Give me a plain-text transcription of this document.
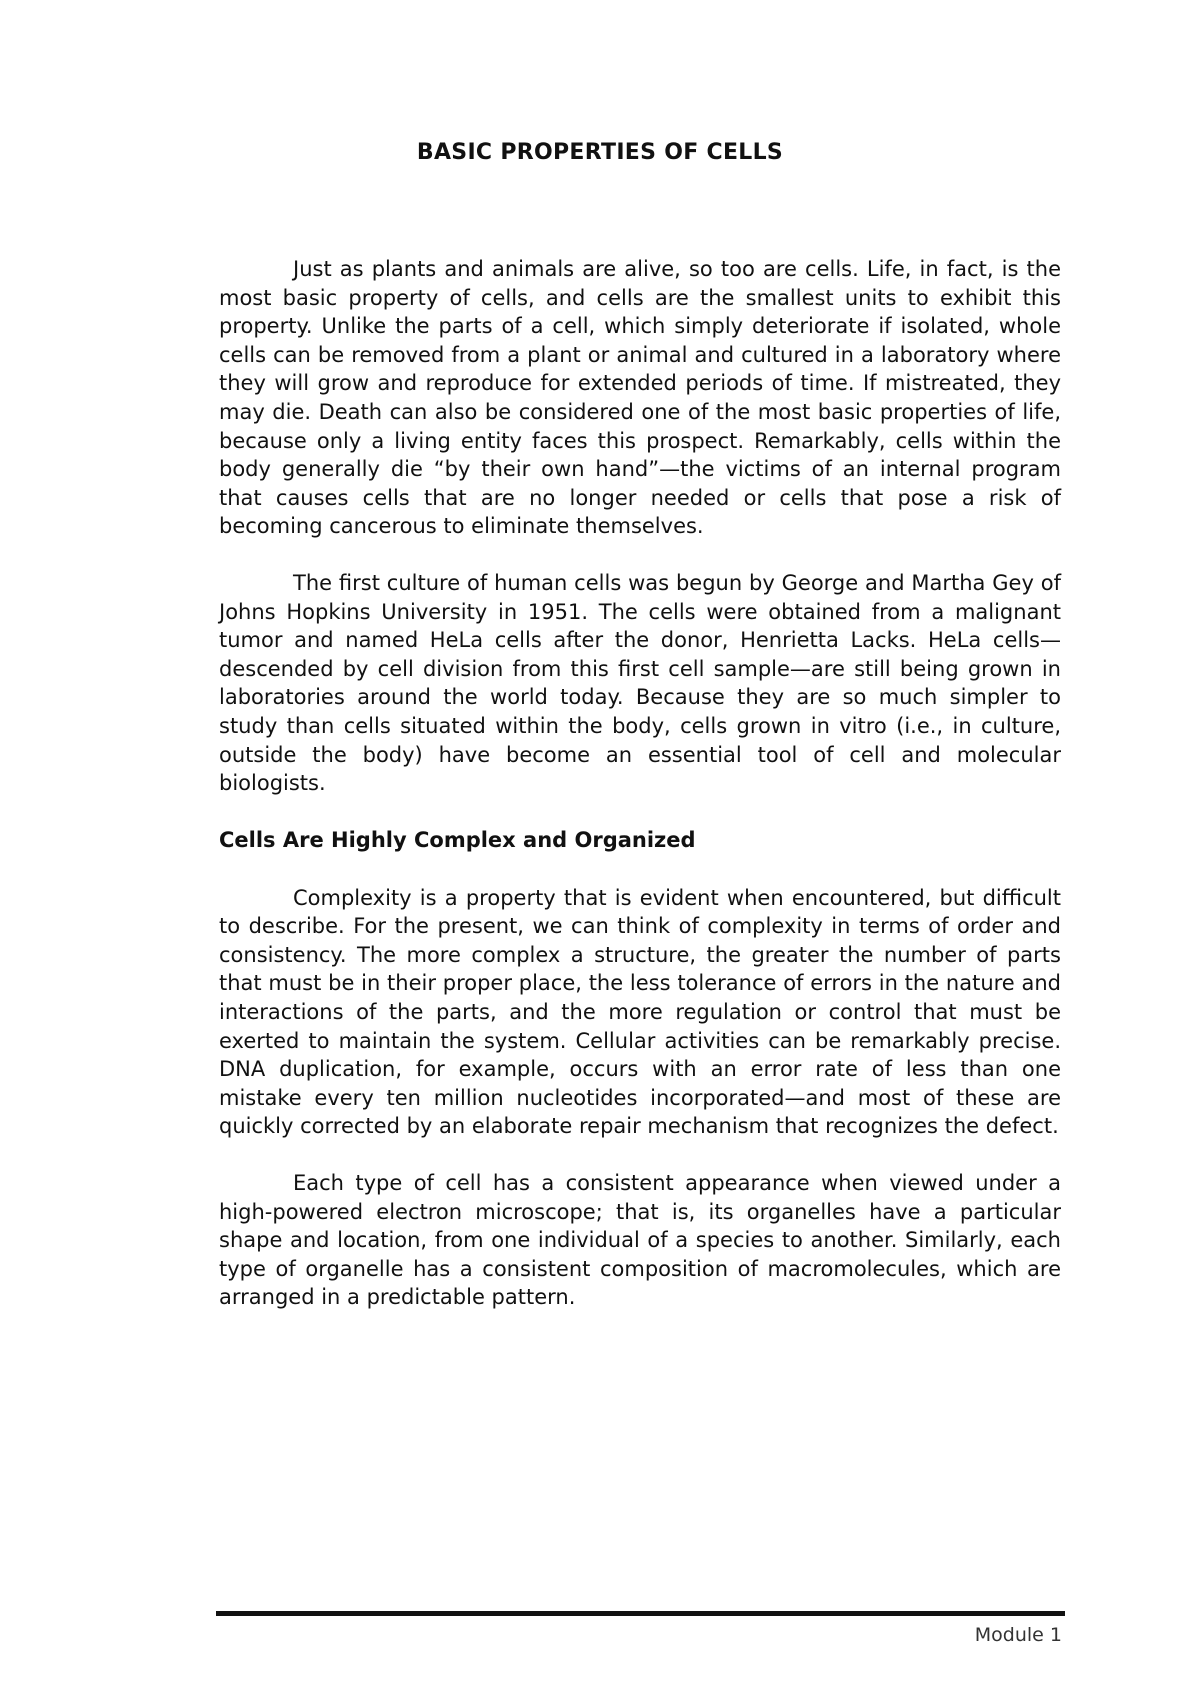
BASIC PROPERTIES OF CELLS

Just as plants and animals are alive, so too are cells. Life, in fact, is the most basic property of cells, and cells are the smallest units to exhibit this property. Unlike the parts of a cell, which simply deteriorate if isolated, whole cells can be removed from a plant or animal and cultured in a laboratory where they will grow and reproduce for extended periods of time. If mistreated, they may die. Death can also be considered one of the most basic properties of life, because only a living entity faces this prospect. Remarkably, cells within the body generally die “by their own hand”—the victims of an internal program that causes cells that are no longer needed or cells that pose a risk of becoming cancerous to eliminate themselves.

The first culture of human cells was begun by George and Martha Gey of Johns Hopkins University in 1951. The cells were obtained from a malignant tumor and named HeLa cells after the donor, Henrietta Lacks. HeLa cells—descended by cell division from this first cell sample—are still being grown in laboratories around the world today. Because they are so much simpler to study than cells situated within the body, cells grown in vitro (i.e., in culture, outside the body) have become an essential tool of cell and molecular biologists.

Cells Are Highly Complex and Organized

Complexity is a property that is evident when encountered, but difficult to describe. For the present, we can think of complexity in terms of order and consistency. The more complex a structure, the greater the number of parts that must be in their proper place, the less tolerance of errors in the nature and interactions of the parts, and the more regulation or control that must be exerted to maintain the system. Cellular activities can be remarkably precise. DNA duplication, for example, occurs with an error rate of less than one mistake every ten million nucleotides incorporated—and most of these are quickly corrected by an elaborate repair mechanism that recognizes the defect.

Each type of cell has a consistent appearance when viewed under a high-powered electron microscope; that is, its organelles have a particular shape and location, from one individual of a species to another. Similarly, each type of organelle has a consistent composition of macromolecules, which are arranged in a predictable pattern.

Module 1
